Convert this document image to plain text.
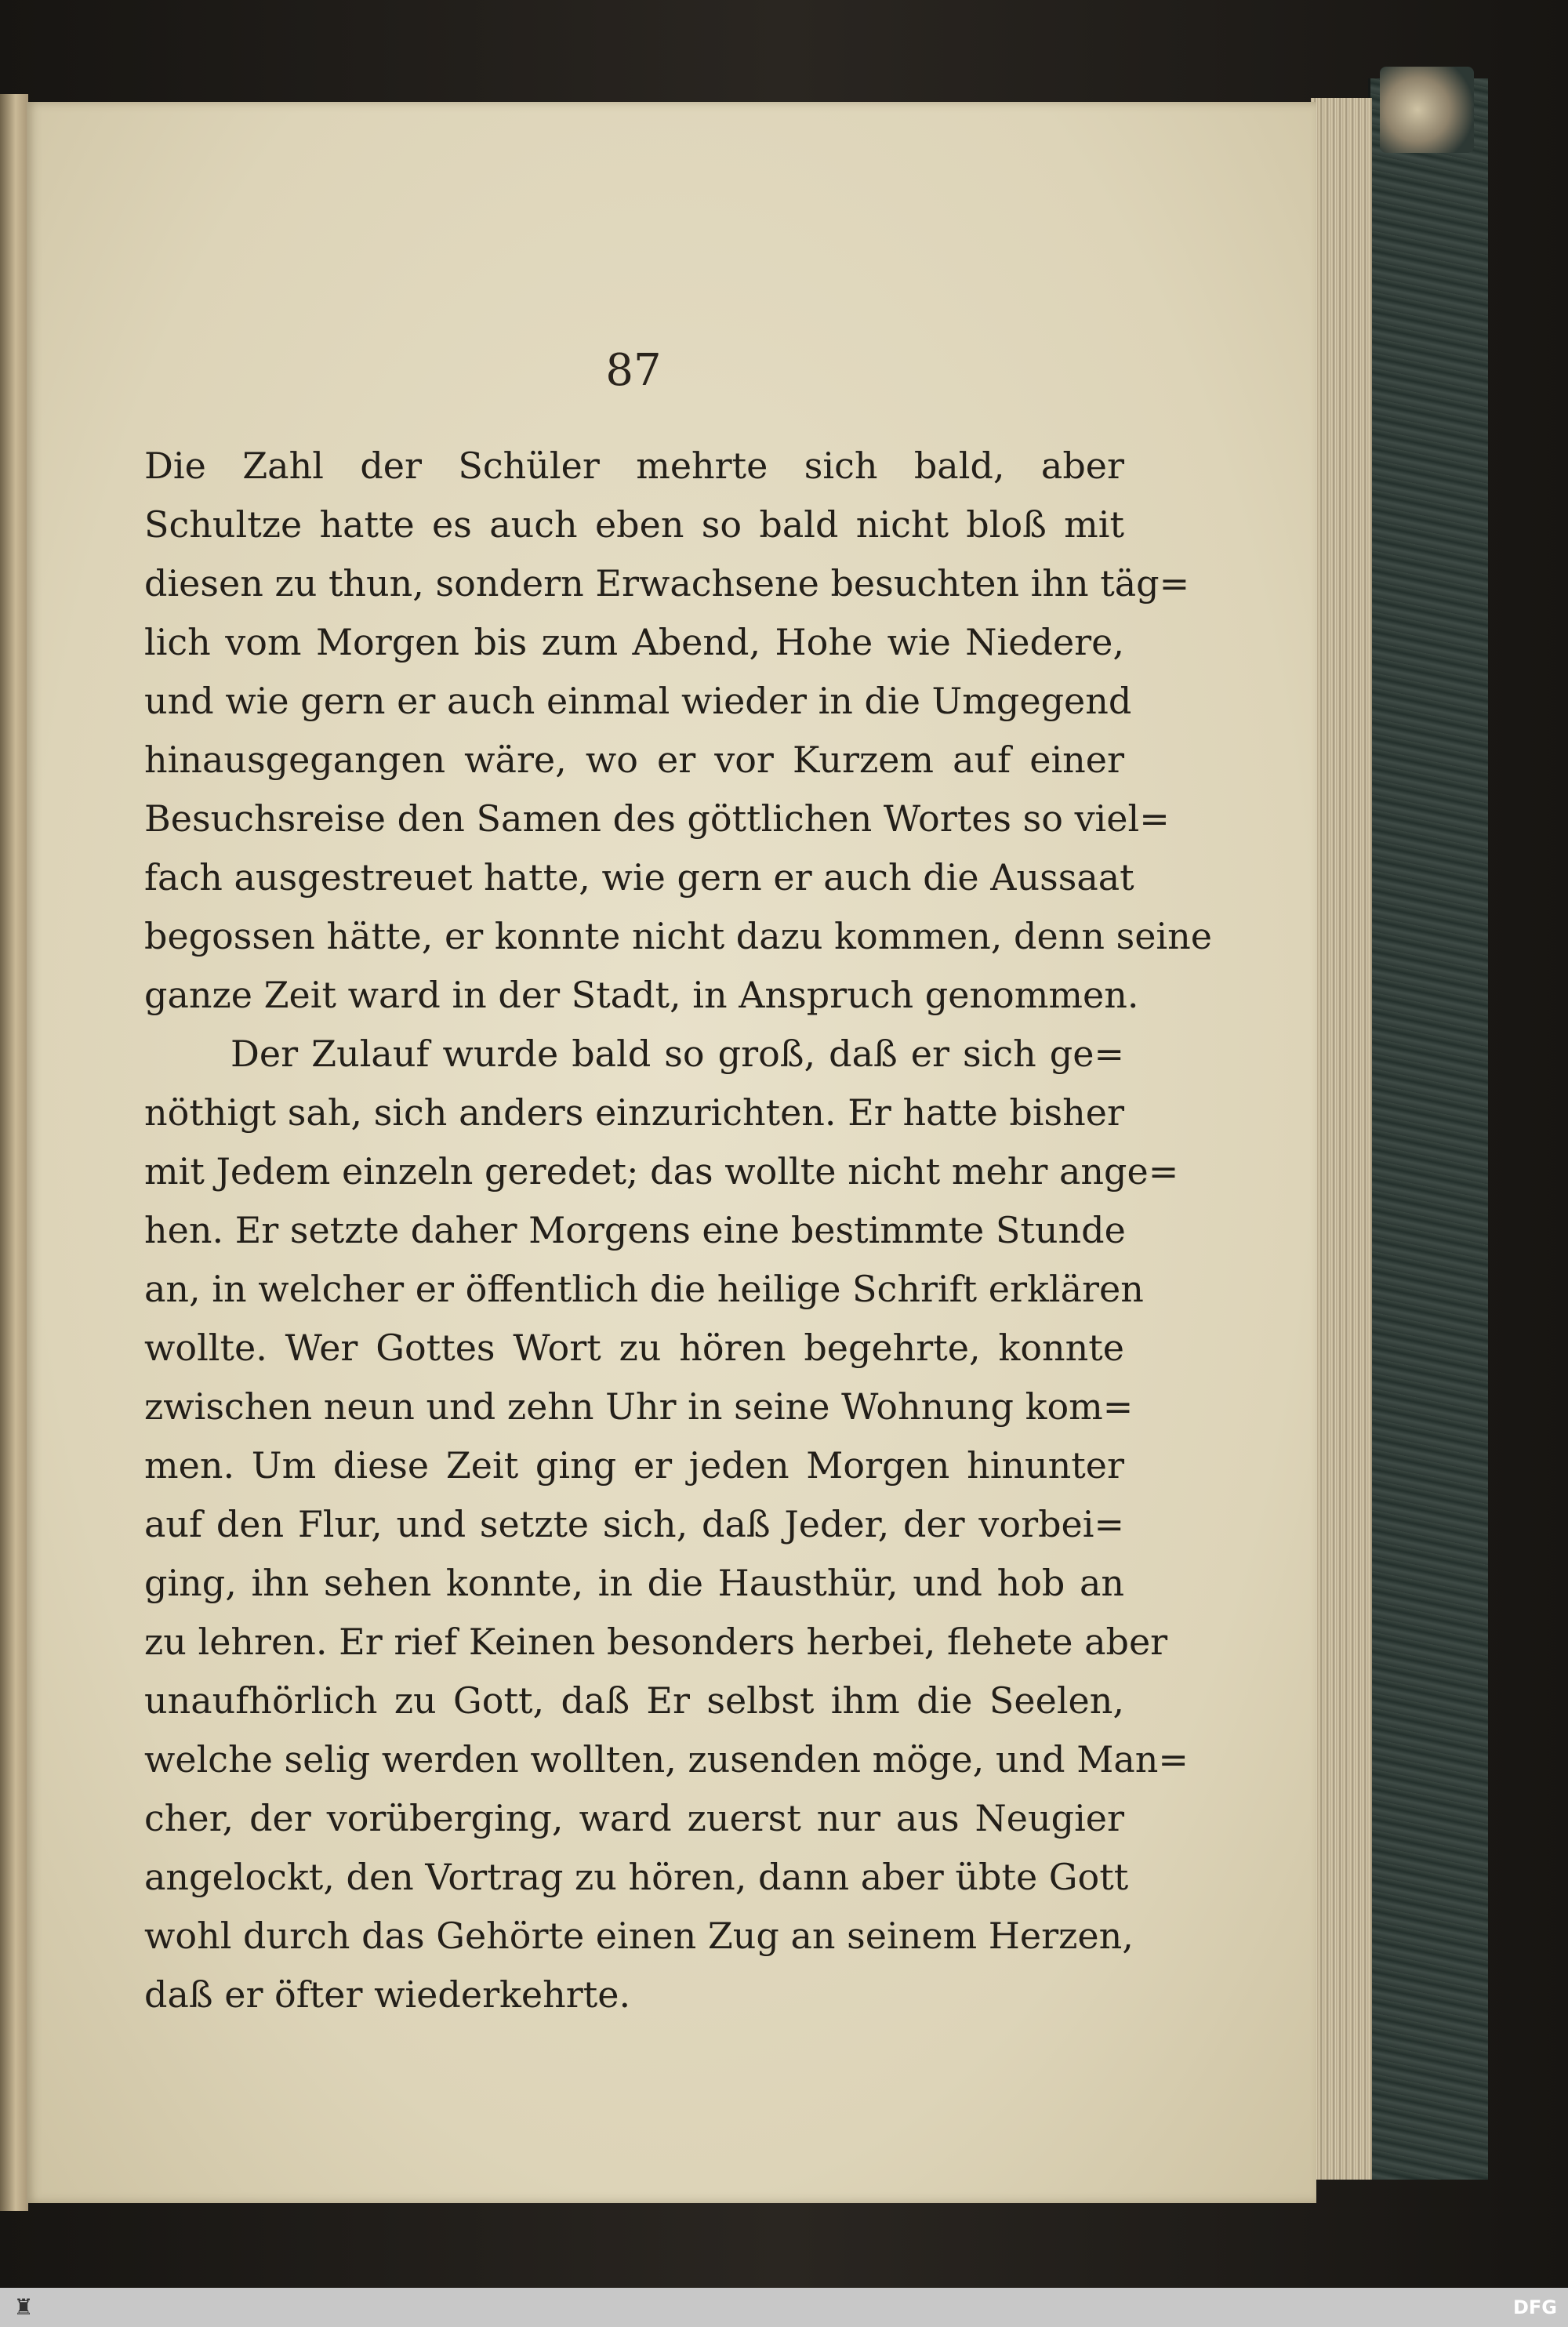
87
Die Zahl der Schüler mehrte sich bald, aber
Schultze hatte es auch eben so bald nicht bloß mit
diesen zu thun, sondern Erwachsene besuchten ihn täg=
lich vom Morgen bis zum Abend, Hohe wie Niedere,
und wie gern er auch einmal wieder in die Umgegend
hinausgegangen wäre, wo er vor Kurzem auf einer
Besuchsreise den Samen des göttlichen Wortes so viel=
fach ausgestreuet hatte, wie gern er auch die Aussaat
begossen hätte, er konnte nicht dazu kommen, denn seine
ganze Zeit ward in der Stadt, in Anspruch genommen.
Der Zulauf wurde bald so groß, daß er sich ge=
nöthigt sah, sich anders einzurichten. Er hatte bisher
mit Jedem einzeln geredet; das wollte nicht mehr ange=
hen. Er setzte daher Morgens eine bestimmte Stunde
an, in welcher er öffentlich die heilige Schrift erklären
wollte. Wer Gottes Wort zu hören begehrte, konnte
zwischen neun und zehn Uhr in seine Wohnung kom=
men. Um diese Zeit ging er jeden Morgen hinunter
auf den Flur, und setzte sich, daß Jeder, der vorbei=
ging, ihn sehen konnte, in die Hausthür, und hob an
zu lehren. Er rief Keinen besonders herbei, flehete aber
unaufhörlich zu Gott, daß Er selbst ihm die Seelen,
welche selig werden wollten, zusenden möge, und Man=
cher, der vorüberging, ward zuerst nur aus Neugier
angelockt, den Vortrag zu hören, dann aber übte Gott
wohl durch das Gehörte einen Zug an seinem Herzen,
daß er öfter wiederkehrte.
♜	DFG
